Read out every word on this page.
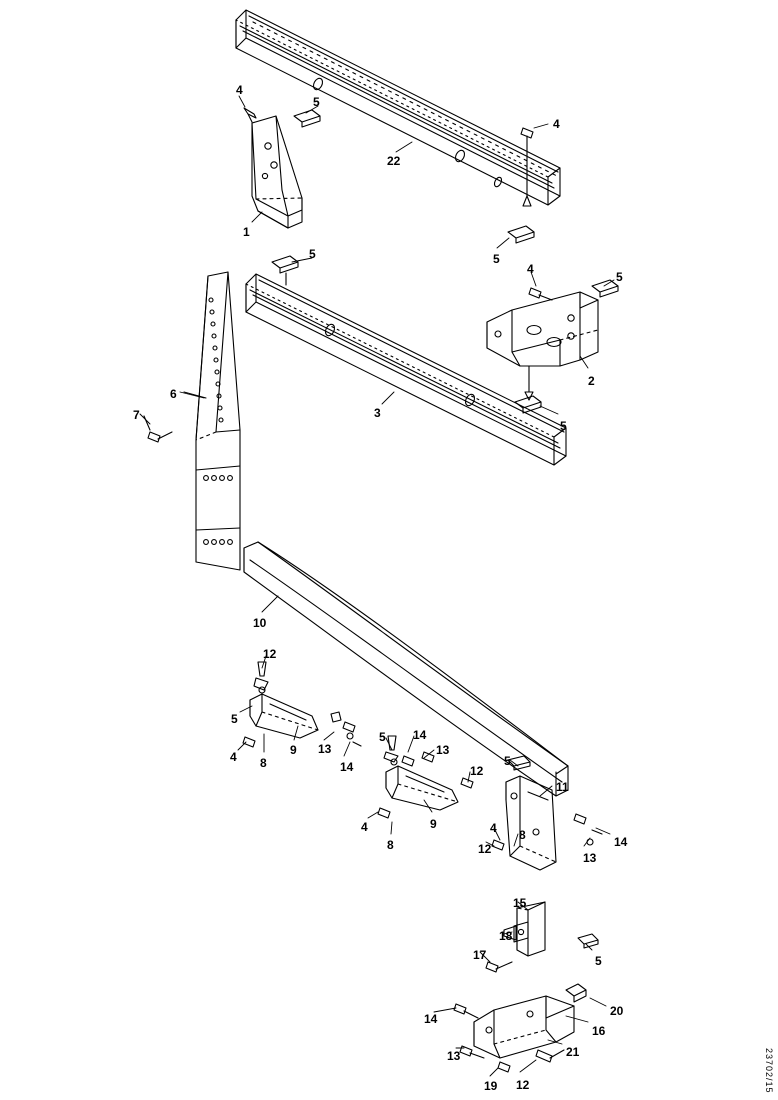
4
5
4
22
1
5
5
4
5
2
6
3
5
7
10
12
5
5 14
13	13
4 8
9
14	12
5
11
4	9	4 8	14
8	12
13
15
18
17	5
20
14
16
21
13
19 12	23702/15
